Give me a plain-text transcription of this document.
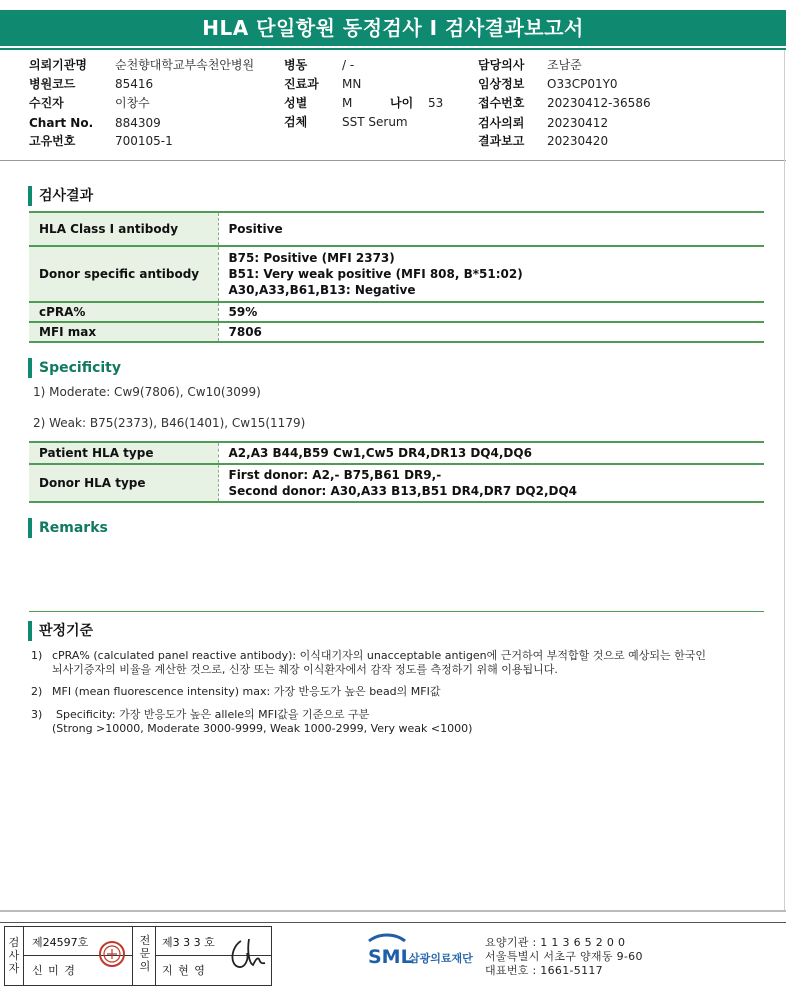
HLA 단일항원 동정검사 I 검사결과보고서
의뢰기관명 순천향대학교부속천안병원
병원코드	85416
수진자	이창수
Chart No. 884309
고유번호	700105-1
병동	/ -
진료과 MN
성별	M	나이 53
검체	SST Serum
담당의사 조남준
임상정보 O33CP01Y0
접수번호 20230412-36586
검사의뢰 20230412
결과보고 20230420
검사결과
HLA Class I antibody	Positive

Donor specific antibody	B75: Positive (MFI 2373)
B51: Very weak positive (MFI 808, B*51:02)
A30,A33,B61,B13: Negative

cPRA%	59%

MFI max	7806
Specificity
1) Moderate: Cw9(7806), Cw10(3099)
2) Weak: B75(2373), B46(1401), Cw15(1179)
Patient HLA type	A2,A3 B44,B59 Cw1,Cw5 DR4,DR13 DQ4,DQ6

Donor HLA type	First donor: A2,- B75,B61 DR9,-
Second donor: A30,A33 B13,B51 DR4,DR7 DQ2,DQ4
Remarks
판정기준
1) cPRA% (calculated panel reactive antibody): 이식대기자의 unacceptable antigen에 근거하여 부적합할 것으로 예상되는 한국인
뇌사기증자의 비율을 계산한 것으로, 신장 또는 췌장 이식환자에서 감작 정도를 측정하기 위해 이용됩니다.
2) MFI (mean fluorescence intensity) max: 가장 반응도가 높은 bead의 MFI값
3) Specificity: 가장 반응도가 높은 allele의 MFI값을 기준으로 구분
(Strong >10000, Moderate 3000-9999, Weak 1000-2999, Very weak <1000)
검사자
제24597호
신 미 경
전문의
제3 3 3 호
지 현 영
SML
삼광의료재단
요양기관 : 1 1 3 6 5 2 0 0
서울특별시 서초구 양재동 9-60
대표번호 : 1661-5117
